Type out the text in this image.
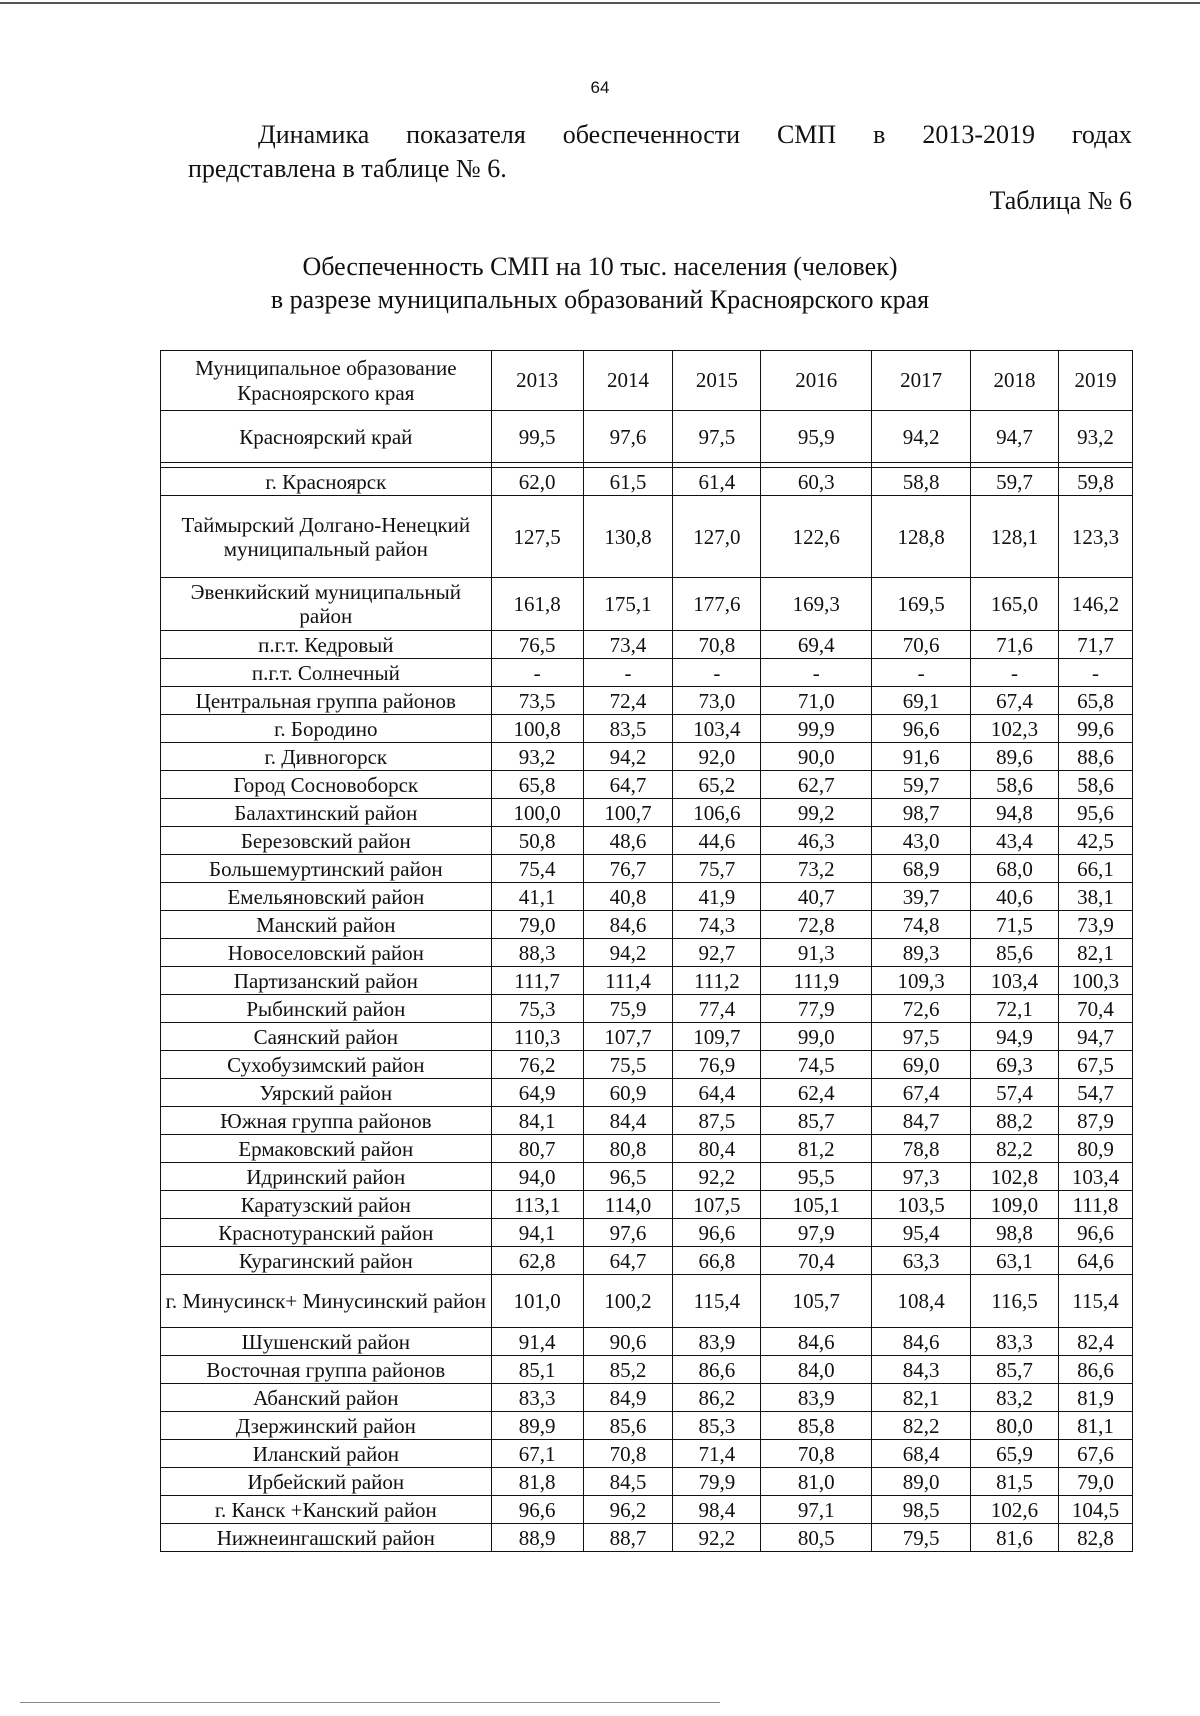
64
Динамика показателя обеспеченности СМП в 2013-2019 годах
представлена в таблице № 6.
Таблица № 6
Обеспеченность СМП на 10 тыс. населения (человек)
в разрезе муниципальных образований Красноярского края
Муниципальное образование Красноярского края	2013	2014	2015	2016	2017	2018	2019
Красноярский край	99,5	97,6	97,5	95,9	94,2	94,7	93,2

г. Красноярск	62,0	61,5	61,4	60,3	58,8	59,7	59,8
Таймырский Долгано-Ненецкий муниципальный район	127,5	130,8	127,0	122,6	128,8	128,1	123,3
Эвенкийский муниципальный район	161,8	175,1	177,6	169,3	169,5	165,0	146,2
п.г.т. Кедровый	76,5	73,4	70,8	69,4	70,6	71,6	71,7
п.г.т. Солнечный	-	-	-	-	-	-	-
Центральная группа районов	73,5	72,4	73,0	71,0	69,1	67,4	65,8
г. Бородино	100,8	83,5	103,4	99,9	96,6	102,3	99,6
г. Дивногорск	93,2	94,2	92,0	90,0	91,6	89,6	88,6
Город Сосновоборск	65,8	64,7	65,2	62,7	59,7	58,6	58,6
Балахтинский район	100,0	100,7	106,6	99,2	98,7	94,8	95,6
Березовский район	50,8	48,6	44,6	46,3	43,0	43,4	42,5
Большемуртинский район	75,4	76,7	75,7	73,2	68,9	68,0	66,1
Емельяновский район	41,1	40,8	41,9	40,7	39,7	40,6	38,1
Манский район	79,0	84,6	74,3	72,8	74,8	71,5	73,9
Новоселовский район	88,3	94,2	92,7	91,3	89,3	85,6	82,1
Партизанский район	111,7	111,4	111,2	111,9	109,3	103,4	100,3
Рыбинский район	75,3	75,9	77,4	77,9	72,6	72,1	70,4
Саянский район	110,3	107,7	109,7	99,0	97,5	94,9	94,7
Сухобузимский район	76,2	75,5	76,9	74,5	69,0	69,3	67,5
Уярский район	64,9	60,9	64,4	62,4	67,4	57,4	54,7
Южная группа районов	84,1	84,4	87,5	85,7	84,7	88,2	87,9
Ермаковский район	80,7	80,8	80,4	81,2	78,8	82,2	80,9
Идринский район	94,0	96,5	92,2	95,5	97,3	102,8	103,4
Каратузский район	113,1	114,0	107,5	105,1	103,5	109,0	111,8
Краснотуранский район	94,1	97,6	96,6	97,9	95,4	98,8	96,6
Курагинский район	62,8	64,7	66,8	70,4	63,3	63,1	64,6
г. Минусинск+ Минусинский район	101,0	100,2	115,4	105,7	108,4	116,5	115,4
Шушенский район	91,4	90,6	83,9	84,6	84,6	83,3	82,4
Восточная группа районов	85,1	85,2	86,6	84,0	84,3	85,7	86,6
Абанский район	83,3	84,9	86,2	83,9	82,1	83,2	81,9
Дзержинский район	89,9	85,6	85,3	85,8	82,2	80,0	81,1
Иланский район	67,1	70,8	71,4	70,8	68,4	65,9	67,6
Ирбейский район	81,8	84,5	79,9	81,0	89,0	81,5	79,0
г. Канск +Канский район	96,6	96,2	98,4	97,1	98,5	102,6	104,5
Нижнеингашский район	88,9	88,7	92,2	80,5	79,5	81,6	82,8
